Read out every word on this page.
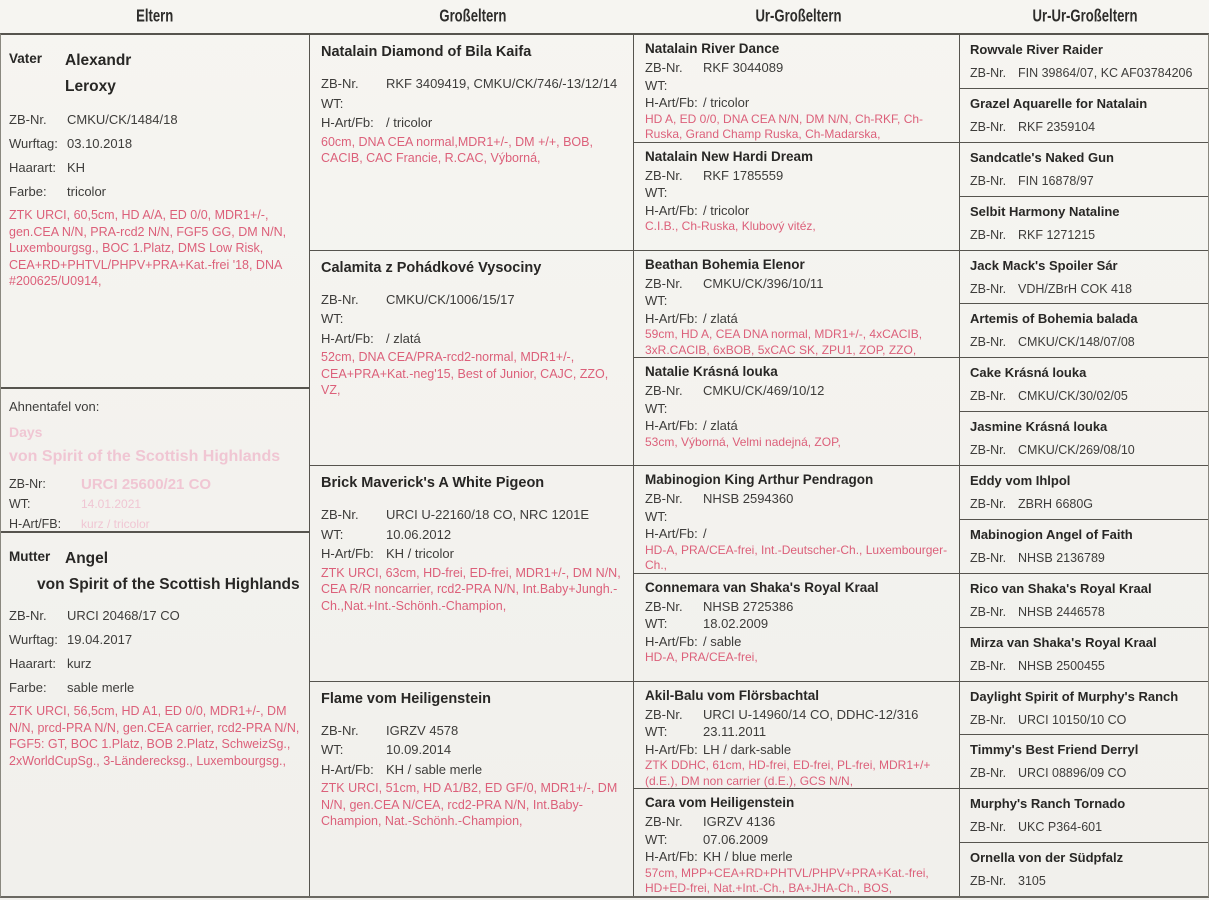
Eltern	Großeltern	Ur-Großeltern	Ur-Ur-Großeltern
Vater	Alexandr
Leroxy
ZB-Nr.	CMKU/CK/1484/18
Wurftag: 03.10.2018
Haarart: KH
Farbe:	tricolor
ZTK URCI, 60,5cm, HD A/A, ED 0/0, MDR1+/-, gen.CEA N/N, PRA-rcd2 N/N, FGF5 GG, DM N/N, Luxembourgsg., BOC 1.Platz, DMS Low Risk, CEA+RD+PHTVL/PHPV+PRA+Kat.-frei '18, DNA #200625/U0914,
Ahnentafel von:
Days
von Spirit of the Scottish Highlands
ZB-Nr:	URCI 25600/21 CO
WT:	14.01.2021
H-Art/FB:	kurz / tricolor
Mutter Angel
von Spirit of the Scottish Highlands
ZB-Nr.	URCI 20468/17 CO
Wurftag: 19.04.2017
Haarart: kurz
Farbe:	sable merle
ZTK URCI, 56,5cm, HD A1, ED 0/0, MDR1+/-, DM N/N, prcd-PRA N/N, gen.CEA carrier, rcd2-PRA N/N, FGF5: GT, BOC 1.Platz, BOB 2.Platz, SchweizSg., 2xWorldCupSg., 3-Länderecksg., Luxembourgsg.,
Natalain Diamond of Bila Kaifa
ZB-Nr.	RKF 3409419, CMKU/CK/746/-13/12/14
WT:
H-Art/Fb: / tricolor
60cm, DNA CEA normal,MDR1+/-, DM +/+, BOB, CACIB, CAC Francie, R.CAC, Výborná,
Calamita z Pohádkové Vysociny
ZB-Nr.	CMKU/CK/1006/15/17
WT:
H-Art/Fb: / zlatá
52cm, DNA CEA/PRA-rcd2-normal, MDR1+/-, CEA+PRA+Kat.-neg'15, Best of Junior, CAJC, ZZO, VZ,
Brick Maverick's A White Pigeon
ZB-Nr.	URCI U-22160/18 CO, NRC 1201E
WT:	10.06.2012
H-Art/Fb: KH / tricolor
ZTK URCI, 63cm, HD-frei, ED-frei, MDR1+/-, DM N/N, CEA R/R noncarrier, rcd2-PRA N/N, Int.Baby+Jungh.-Ch.,Nat.+Int.-Schönh.-Champion,
Flame vom Heiligenstein
ZB-Nr.	IGRZV 4578
WT:	10.09.2014
H-Art/Fb: KH / sable merle
ZTK URCI, 51cm, HD A1/B2, ED GF/0, MDR1+/-, DM N/N, gen.CEA N/CEA, rcd2-PRA N/N, Int.Baby-Champion, Nat.-Schönh.-Champion,
Natalain River Dance
ZB-Nr.	RKF 3044089
WT:
H-Art/Fb: / tricolor
HD A, ED 0/0, DNA CEA N/N, DM N/N, Ch-RKF, Ch-Ruska, Grand Champ Ruska, Ch-Madarska,
Natalain New Hardi Dream
ZB-Nr.	RKF 1785559
WT:
H-Art/Fb: / tricolor
C.I.B., Ch-Ruska, Klubový vitéz,
Beathan Bohemia Elenor
ZB-Nr.	CMKU/CK/396/10/11
WT:
H-Art/Fb: / zlatá
59cm, HD A, CEA DNA normal, MDR1+/-, 4xCACIB, 3xR.CACIB, 6xBOB, 5xCAC SK, ZPU1, ZOP, ZZO,
Natalie Krásná louka
ZB-Nr.	CMKU/CK/469/10/12
WT:
H-Art/Fb: / zlatá
53cm, Výborná, Velmi nadejná, ZOP,
Mabinogion King Arthur Pendragon
ZB-Nr.	NHSB 2594360
WT:
H-Art/Fb: /
HD-A, PRA/CEA-frei, Int.-Deutscher-Ch., Luxembourger-Ch.,
Connemara van Shaka's Royal Kraal
ZB-Nr.	NHSB 2725386
WT:	18.02.2009
H-Art/Fb: / sable
HD-A, PRA/CEA-frei,
Akil-Balu vom Flörsbachtal
ZB-Nr.	URCI U-14960/14 CO, DDHC-12/316
WT:	23.11.2011
H-Art/Fb: LH / dark-sable
ZTK DDHC, 61cm, HD-frei, ED-frei, PL-frei, MDR1+/+ (d.E.), DM non carrier (d.E.), GCS N/N,
Cara vom Heiligenstein
ZB-Nr.	IGRZV 4136
WT:	07.06.2009
H-Art/Fb: KH / blue merle
57cm, MPP+CEA+RD+PHTVL/PHPV+PRA+Kat.-frei, HD+ED-frei, Nat.+Int.-Ch., BA+JHA-Ch., BOS,
Rowvale River Raider
ZB-Nr. FIN 39864/07, KC AF03784206
Grazel Aquarelle for Natalain
ZB-Nr. RKF 2359104
Sandcatle's Naked Gun
ZB-Nr. FIN 16878/97
Selbit Harmony Nataline
ZB-Nr. RKF 1271215
Jack Mack's Spoiler Sár
ZB-Nr. VDH/ZBrH COK 418
Artemis of Bohemia balada
ZB-Nr. CMKU/CK/148/07/08
Cake Krásná louka
ZB-Nr. CMKU/CK/30/02/05
Jasmine Krásná louka
ZB-Nr. CMKU/CK/269/08/10
Eddy vom Ihlpol
ZB-Nr. ZBRH 6680G
Mabinogion Angel of Faith
ZB-Nr. NHSB 2136789
Rico van Shaka's Royal Kraal
ZB-Nr. NHSB 2446578
Mirza van Shaka's Royal Kraal
ZB-Nr. NHSB 2500455
Daylight Spirit of Murphy's Ranch
ZB-Nr. URCI 10150/10 CO
Timmy's Best Friend Derryl
ZB-Nr. URCI 08896/09 CO
Murphy's Ranch Tornado
ZB-Nr. UKC P364-601
Ornella von der Südpfalz
ZB-Nr. 3105
